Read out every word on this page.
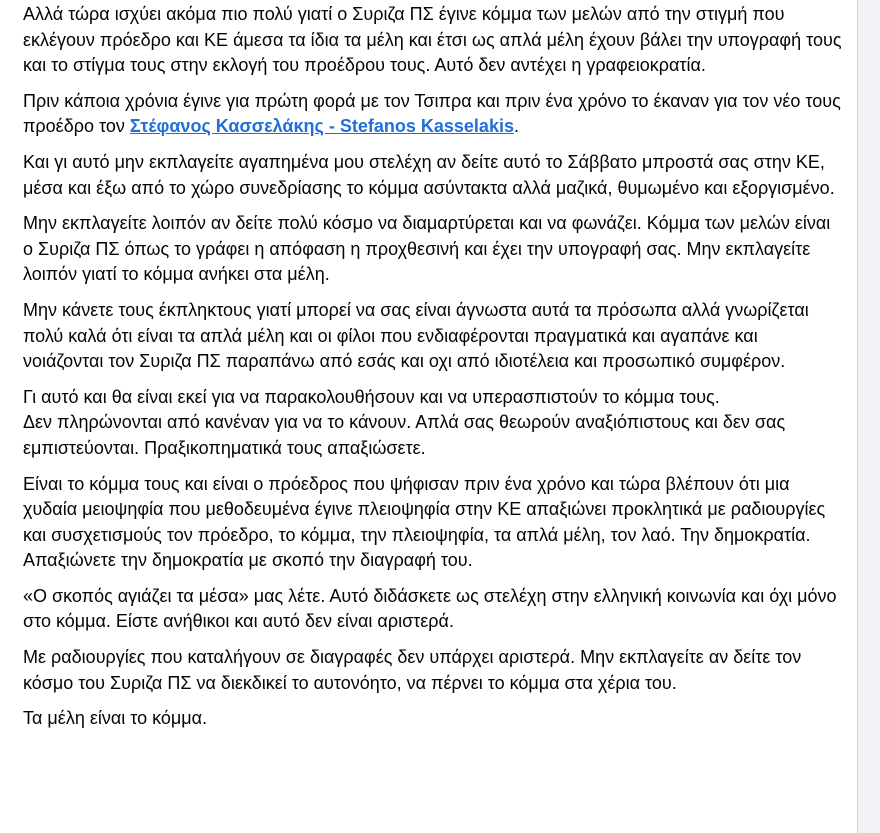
Αλλά τώρα ισχύει ακόμα πιο πολύ γιατί ο Συριζα ΠΣ έγινε κόμμα των μελών από την στιγμή που εκλέγουν πρόεδρο και ΚΕ άμεσα τα ίδια τα μέλη και έτσι ως απλά μέλη έχουν βάλει την υπογραφή τους και το στίγμα τους στην εκλογή του προέδρου τους. Αυτό δεν αντέχει η γραφειοκρατία.

Πριν κάποια χρόνια έγινε για πρώτη φορά με τον Τσιπρα και πριν ένα χρόνο το έκαναν για τον νέο τους προέδρο τον Στέφανος Κασσελάκης - Stefanos Kasselakis.

Και γι αυτό μην εκπλαγείτε αγαπημένα μου στελέχη αν δείτε αυτό το Σάββατο μπροστά σας στην ΚΕ, μέσα και έξω από το χώρο συνεδρίασης το κόμμα ασύντακτα αλλά μαζικά, θυμωμένο και εξοργισμένο.

Μην εκπλαγείτε λοιπόν αν δείτε πολύ κόσμο να διαμαρτύρεται και να φωνάζει. Κόμμα των μελών είναι ο Συριζα ΠΣ όπως το γράφει η απόφαση η προχθεσινή και έχει την υπογραφή σας. Μην εκπλαγείτε λοιπόν γιατί το κόμμα ανήκει στα μέλη.

Μην κάνετε τους έκπληκτους γιατί μπορεί να σας είναι άγνωστα αυτά τα πρόσωπα αλλά γνωρίζεται πολύ καλά ότι είναι τα απλά μέλη και οι φίλοι που ενδιαφέρονται πραγματικά και αγαπάνε και νοιάζονται τον Συριζα ΠΣ παραπάνω από εσάς και οχι από ιδιοτέλεια και προσωπικό συμφέρον.

Γι αυτό και θα είναι εκεί για να παρακολουθήσουν και να υπερασπιστούν το κόμμα τους.
Δεν πληρώνονται από κανέναν για να το κάνουν. Απλά σας θεωρούν αναξιόπιστους και δεν σας εμπιστεύονται. Πραξικοπηματικά τους απαξιώσετε.

Είναι το κόμμα τους και είναι ο πρόεδρος που ψήφισαν πριν ένα χρόνο και τώρα βλέπουν ότι μια χυδαία μειοψηφία που μεθοδευμένα έγινε πλειοψηφία στην ΚΕ απαξιώνει προκλητικά με ραδιουργίες και συσχετισμούς τον πρόεδρο, το κόμμα, την πλειοψηφία, τα απλά μέλη, τον λαό. Την δημοκρατία.
Απαξιώνετε την δημοκρατία με σκοπό την διαγραφή του.

«Ο σκοπός αγιάζει τα μέσα» μας λέτε. Αυτό διδάσκετε ως στελέχη στην ελληνική κοινωνία και όχι μόνο στο κόμμα. Είστε ανήθικοι και αυτό δεν είναι αριστερά.

Με ραδιουργίες που καταλήγουν σε διαγραφές δεν υπάρχει αριστερά. Μην εκπλαγείτε αν δείτε τον κόσμο του Συριζα ΠΣ να διεκδικεί το αυτονόητο, να πέρνει το κόμμα στα χέρια του.

Τα μέλη είναι το κόμμα.
